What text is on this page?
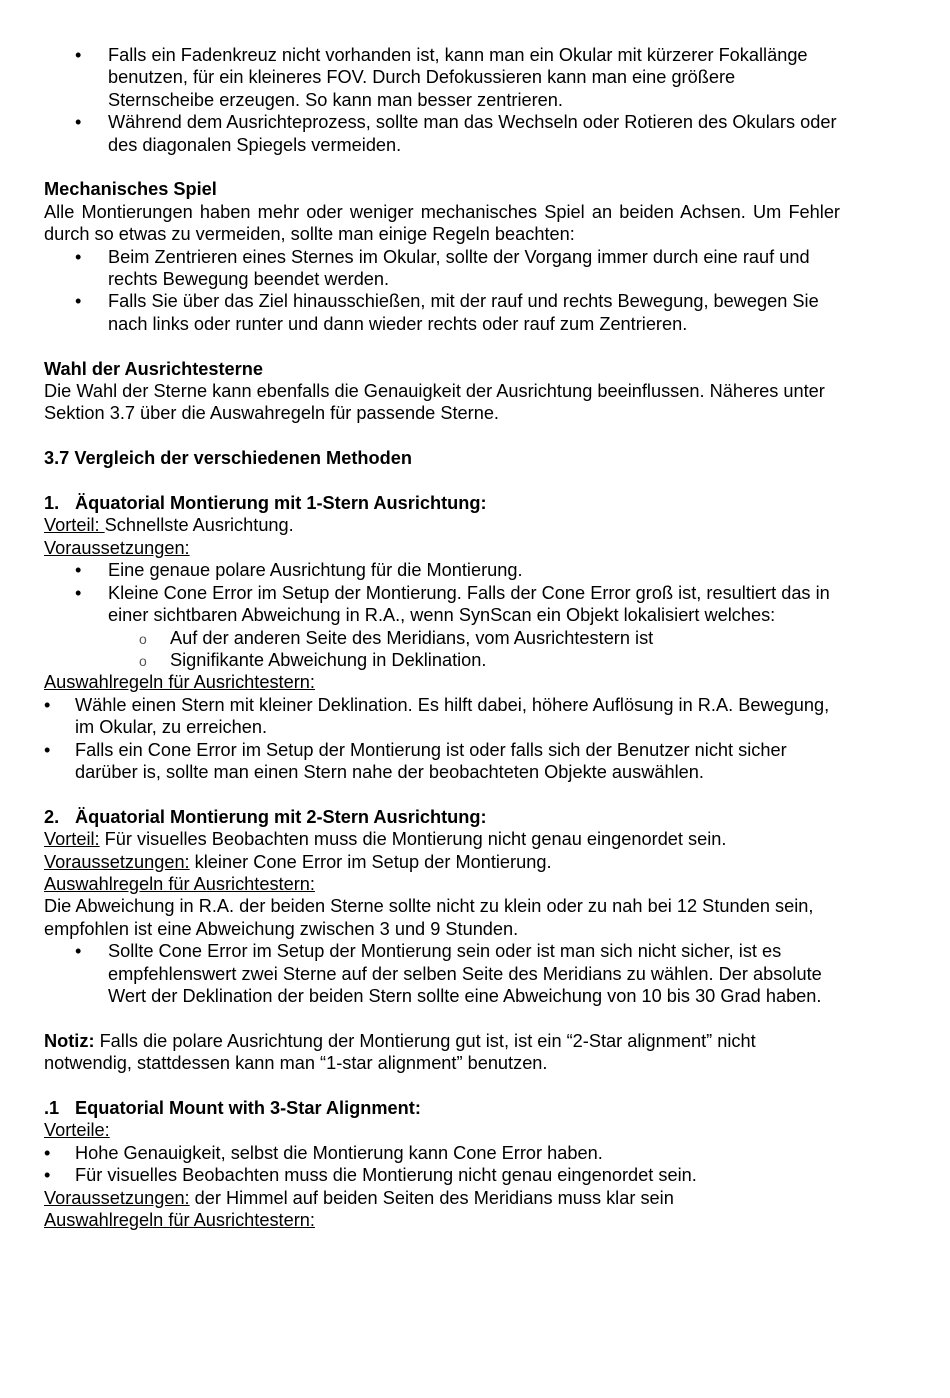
• Falls ein Fadenkreuz nicht vorhanden ist, kann man ein Okular mit kürzerer Fokallänge benutzen, für ein kleineres FOV. Durch Defokussieren kann man eine größere Sternscheibe erzeugen. So kann man besser zentrieren.
• Während dem Ausrichteprozess, sollte man das Wechseln oder Rotieren des Okulars oder des diagonalen Spiegels vermeiden.

Mechanisches Spiel

Alle Montierungen haben mehr oder weniger mechanisches Spiel an beiden Achsen. Um Fehler durch so etwas zu vermeiden, sollte man einige Regeln beachten:

• Beim Zentrieren eines Sternes im Okular, sollte der Vorgang immer durch eine rauf und rechts Bewegung beendet werden.
• Falls Sie über das Ziel hinausschießen, mit der rauf und rechts Bewegung, bewegen Sie nach links oder runter und dann wieder rechts oder rauf zum Zentrieren.

Wahl der Ausrichtesterne

Die Wahl der Sterne kann ebenfalls die Genauigkeit der Ausrichtung beeinflussen. Näheres unter Sektion 3.7 über die Auswahregeln für passende Sterne.

3.7 Vergleich der verschiedenen Methoden

1. Äquatorial Montierung mit 1-Stern Ausrichtung:

Vorteil: Schnellste Ausrichtung.

Voraussetzungen:

• Eine genaue polare Ausrichtung für die Montierung.
• Kleine Cone Error im Setup der Montierung. Falls der Cone Error groß ist, resultiert das in einer sichtbaren Abweichung in R.A., wenn SynScan ein Objekt lokalisiert welches:
o Auf der anderen Seite des Meridians, vom Ausrichtestern ist
o Signifikante Abweichung in Deklination.

Auswahlregeln für Ausrichtestern:

• Wähle einen Stern mit kleiner Deklination. Es hilft dabei, höhere Auflösung in R.A. Bewegung, im Okular, zu erreichen.
• Falls ein Cone Error im Setup der Montierung ist oder falls sich der Benutzer nicht sicher darüber is, sollte man einen Stern nahe der beobachteten Objekte auswählen.

2. Äquatorial Montierung mit 2-Stern Ausrichtung:

Vorteil: Für visuelles Beobachten muss die Montierung nicht genau eingenordet sein.

Voraussetzungen: kleiner Cone Error im Setup der Montierung.

Auswahlregeln für Ausrichtestern:

Die Abweichung in R.A. der beiden Sterne sollte nicht zu klein oder zu nah bei 12 Stunden sein, empfohlen ist eine Abweichung zwischen 3 und 9 Stunden.

• Sollte Cone Error im Setup der Montierung sein oder ist man sich nicht sicher, ist es empfehlenswert zwei Sterne auf der selben Seite des Meridians zu wählen. Der absolute Wert der Deklination der beiden Stern sollte eine Abweichung von 10 bis 30 Grad haben.

Notiz: Falls die polare Ausrichtung der Montierung gut ist, ist ein “2-Star alignment” nicht notwendig, stattdessen kann man “1-star alignment” benutzen.

.1 Equatorial Mount with 3-Star Alignment:

Vorteile:

• Hohe Genauigkeit, selbst die Montierung kann Cone Error haben.
• Für visuelles Beobachten muss die Montierung nicht genau eingenordet sein.

Voraussetzungen: der Himmel auf beiden Seiten des Meridians muss klar sein

Auswahlregeln für Ausrichtestern:
